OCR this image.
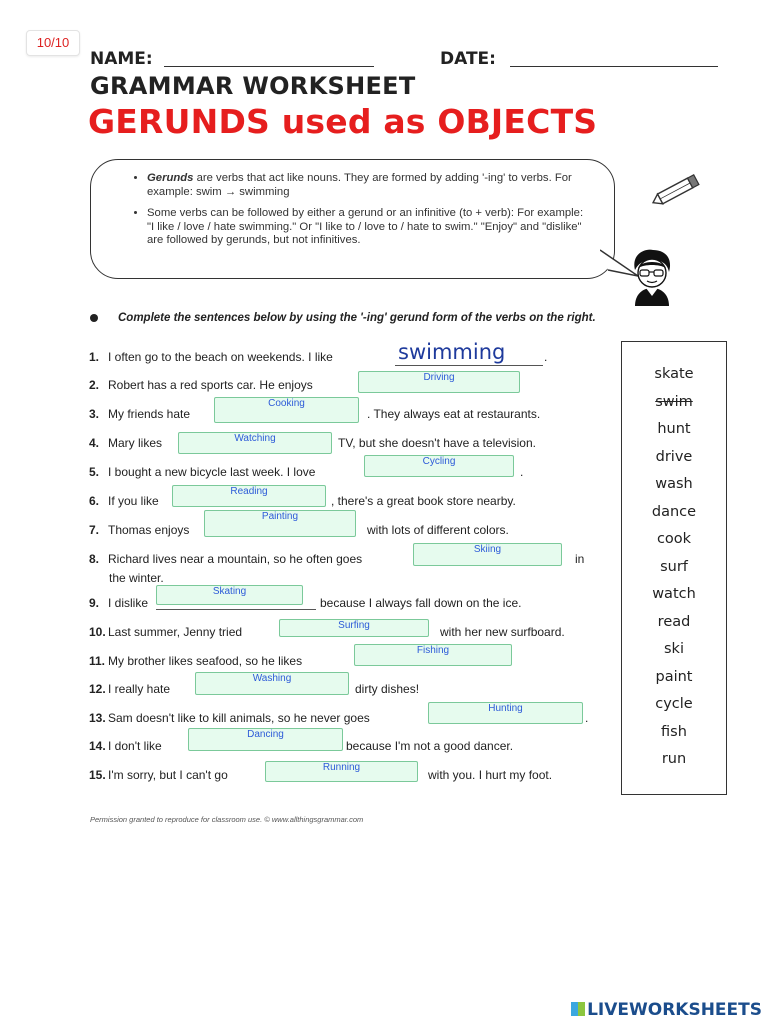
10/10
NAME:	DATE:
GRAMMAR WORKSHEET
GERUNDS used as OBJECTS
• Gerunds are verbs that act like nouns. They are formed by adding '-ing' to verbs. For example: swim → swimming
• Some verbs can be followed by either a gerund or an infinitive (to + verb): For example: "I like / love / hate swimming." Or "I like to / love to / hate to swim." "Enjoy" and "dislike" are followed by gerunds, but not infinitives.
Complete the sentences below by using the '-ing' gerund form of the verbs on the right.
1. I often go to the beach on weekends. I like	swimming	.
2. Robert has a red sports car. He enjoys
Driving
3. My friends hate
Cooking
. They always eat at restaurants.
4. Mary likes	Watching	TV, but she doesn't have a television.
5. I bought a new bicycle last week. I love
Cycling
.
6. If you like
Reading
, there's a great book store nearby.
7. Thomas enjoys
Painting
with lots of different colors.
8. Richard lives near a mountain, so he often goes
Skiing
in
the winter.
9. I dislike
Skating
because I always fall down on the ice.
10. Last summer, Jenny tried	Surfing	with her new surfboard.
11. My brother likes seafood, so he likes
Fishing
12. I really hate
Washing
dirty dishes!
13. Sam doesn't like to kill animals, so he never goes
Hunting
.
14. I don't like
Dancing
because I'm not a good dancer.
15. I'm sorry, but I can't go
Running
with you. I hurt my foot.
skate
swim
hunt
drive
wash
dance
cook
surf
watch
read
ski
paint
cycle
fish
run
Permission granted to reproduce for classroom use. © www.allthingsgrammar.com
LIVEWORKSHEETS
